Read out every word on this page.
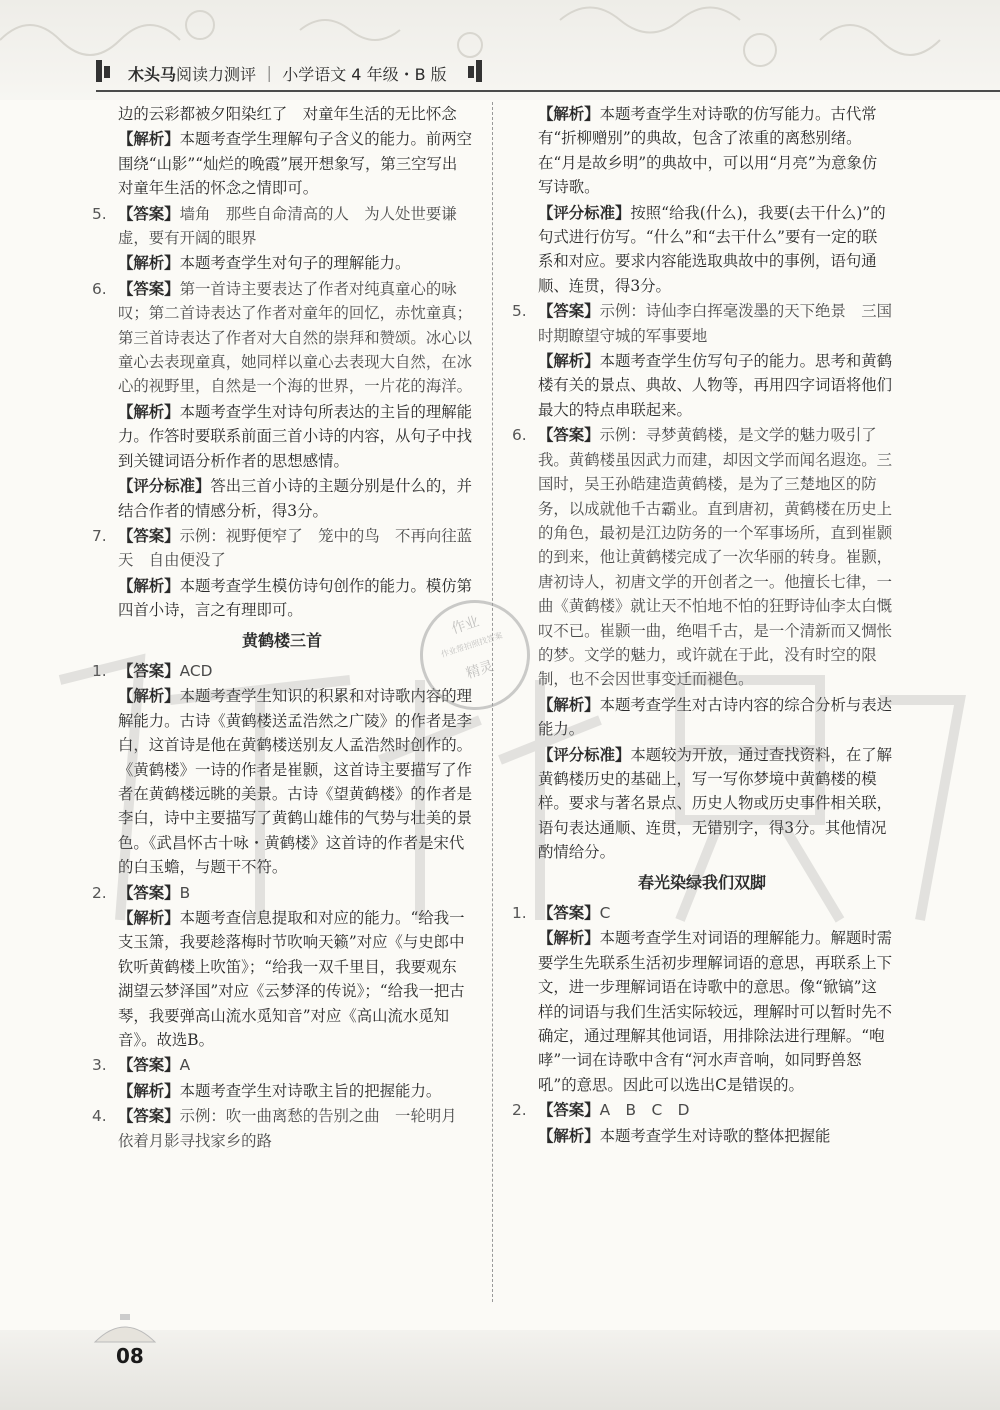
木头马阅读力测评 ｜ 小学语文 4 年级・B 版
边的云彩都被夕阳染红了　对童年生活的无比怀念
【解析】本题考查学生理解句子含义的能力。前两空围绕“山影”“灿烂的晚霞”展开想象写，第三空写出对童年生活的怀念之情即可。
5. 【答案】墙角　那些自命清高的人　为人处世要谦虚，要有开阔的眼界
【解析】本题考查学生对句子的理解能力。
6. 【答案】第一首诗主要表达了作者对纯真童心的咏叹；第二首诗表达了作者对童年的回忆，赤忱童真；第三首诗表达了作者对大自然的崇拜和赞颂。冰心以童心去表现童真，她同样以童心去表现大自然，在冰心的视野里，自然是一个海的世界，一片花的海洋。
【解析】本题考查学生对诗句所表达的主旨的理解能力。作答时要联系前面三首小诗的内容，从句子中找到关键词语分析作者的思想感情。
【评分标准】答出三首小诗的主题分别是什么的，并结合作者的情感分析，得3分。
7. 【答案】示例：视野便窄了　笼中的鸟　不再向往蓝天　自由便没了
【解析】本题考查学生模仿诗句创作的能力。模仿第四首小诗，言之有理即可。
黄鹤楼三首
1. 【答案】ACD
【解析】本题考查学生知识的积累和对诗歌内容的理解能力。古诗《黄鹤楼送孟浩然之广陵》的作者是李白，这首诗是他在黄鹤楼送别友人孟浩然时创作的。《黄鹤楼》一诗的作者是崔颢，这首诗主要描写了作者在黄鹤楼远眺的美景。古诗《望黄鹤楼》的作者是李白，诗中主要描写了黄鹤山雄伟的气势与壮美的景色。《武昌怀古十咏・黄鹤楼》这首诗的作者是宋代的白玉蟾，与题干不符。
2. 【答案】B
【解析】本题考查信息提取和对应的能力。“给我一支玉箫，我要趁落梅时节吹响天籁”对应《与史郎中钦听黄鹤楼上吹笛》；“给我一双千里目，我要观东湖望云梦泽国”对应《云梦泽的传说》；“给我一把古琴，我要弹高山流水觅知音”对应《高山流水觅知音》。故选B。
3. 【答案】A
【解析】本题考查学生对诗歌主旨的把握能力。
4. 【答案】示例：吹一曲离愁的告别之曲　一轮明月　依着月影寻找家乡的路
【解析】本题考查学生对诗歌的仿写能力。古代常有“折柳赠别”的典故，包含了浓重的离愁别绪。在“月是故乡明”的典故中，可以用“月亮”为意象仿写诗歌。
【评分标准】按照“给我(什么)，我要(去干什么)”的句式进行仿写。“什么”和“去干什么”要有一定的联系和对应。要求内容能选取典故中的事例，语句通顺、连贯，得3分。
5. 【答案】示例：诗仙李白挥毫泼墨的天下绝景　三国时期瞭望守城的军事要地
【解析】本题考查学生仿写句子的能力。思考和黄鹤楼有关的景点、典故、人物等，再用四字词语将他们最大的特点串联起来。
6. 【答案】示例：寻梦黄鹤楼，是文学的魅力吸引了我。黄鹤楼虽因武力而建，却因文学而闻名遐迩。三国时，吴王孙皓建造黄鹤楼，是为了三楚地区的防务，以成就他千古霸业。直到唐初，黄鹤楼在历史上的角色，最初是江边防务的一个军事场所，直到崔颢的到来，他让黄鹤楼完成了一次华丽的转身。崔颢，唐初诗人，初唐文学的开创者之一。他擅长七律，一曲《黄鹤楼》就让天不怕地不怕的狂野诗仙李太白慨叹不已。崔颢一曲，绝唱千古，是一个清新而又惆怅的梦。文学的魅力，或许就在于此，没有时空的限制，也不会因世事变迁而褪色。
【解析】本题考查学生对古诗内容的综合分析与表达能力。
【评分标准】本题较为开放，通过查找资料，在了解黄鹤楼历史的基础上，写一写你梦境中黄鹤楼的模样。要求与著名景点、历史人物或历史事件相关联，语句表达通顺、连贯，无错别字，得3分。其他情况酌情给分。
春光染绿我们双脚
1. 【答案】C
【解析】本题考查学生对词语的理解能力。解题时需要学生先联系生活初步理解词语的意思，再联系上下文，进一步理解词语在诗歌中的意思。像“锨镐”这样的词语与我们生活实际较远，理解时可以暂时先不确定，通过理解其他词语，用排除法进行理解。“咆哮”一词在诗歌中含有“河水声音响，如同野兽怒吼”的意思。因此可以选出C是错误的。
2. 【答案】A　B　C　D
【解析】本题考查学生对诗歌的整体把握能
作业
作业帮拍照找答案
精灵
08
